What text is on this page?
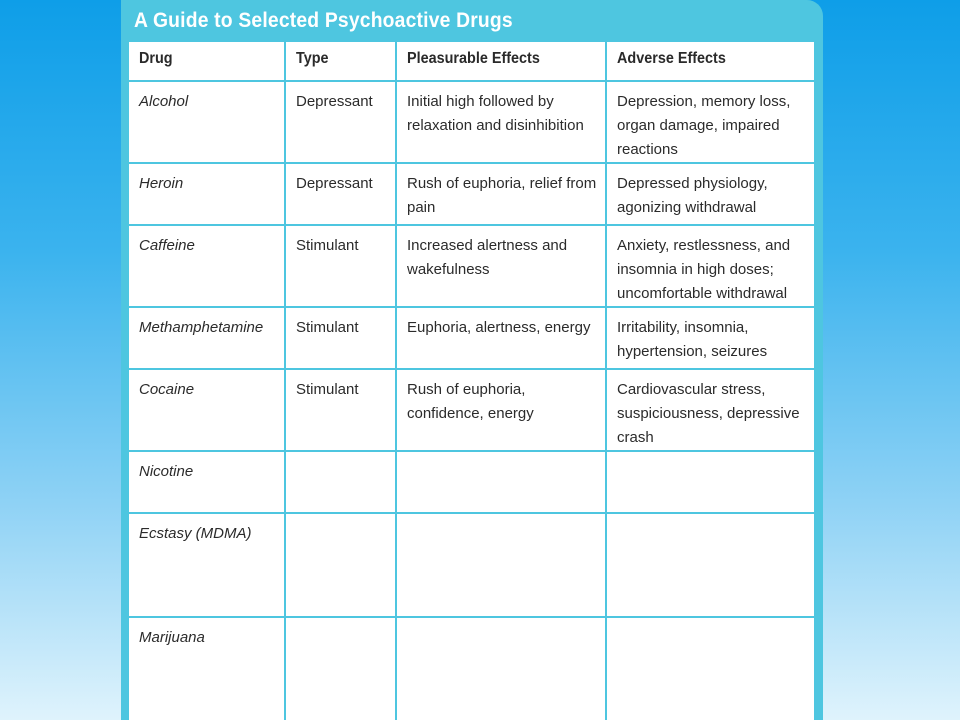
A Guide to Selected Psychoactive Drugs
Drug	Type	Pleasurable Effects	Adverse Effects
Alcohol	Depressant	Initial high followed by relaxation and disinhibition	Depression, memory loss, organ damage, impaired reactions
Heroin	Depressant	Rush of euphoria, relief from pain	Depressed physiology, agonizing withdrawal
Caffeine	Stimulant	Increased alertness and wakefulness	Anxiety, restlessness, and insomnia in high doses; uncomfortable withdrawal
Methamphetamine	Stimulant	Euphoria, alertness, energy	Irritability, insomnia, hypertension, seizures
Cocaine	Stimulant	Rush of euphoria, confidence, energy	Cardiovascular stress, suspiciousness, depressive crash
Nicotine			
Ecstasy (MDMA)			
Marijuana			
